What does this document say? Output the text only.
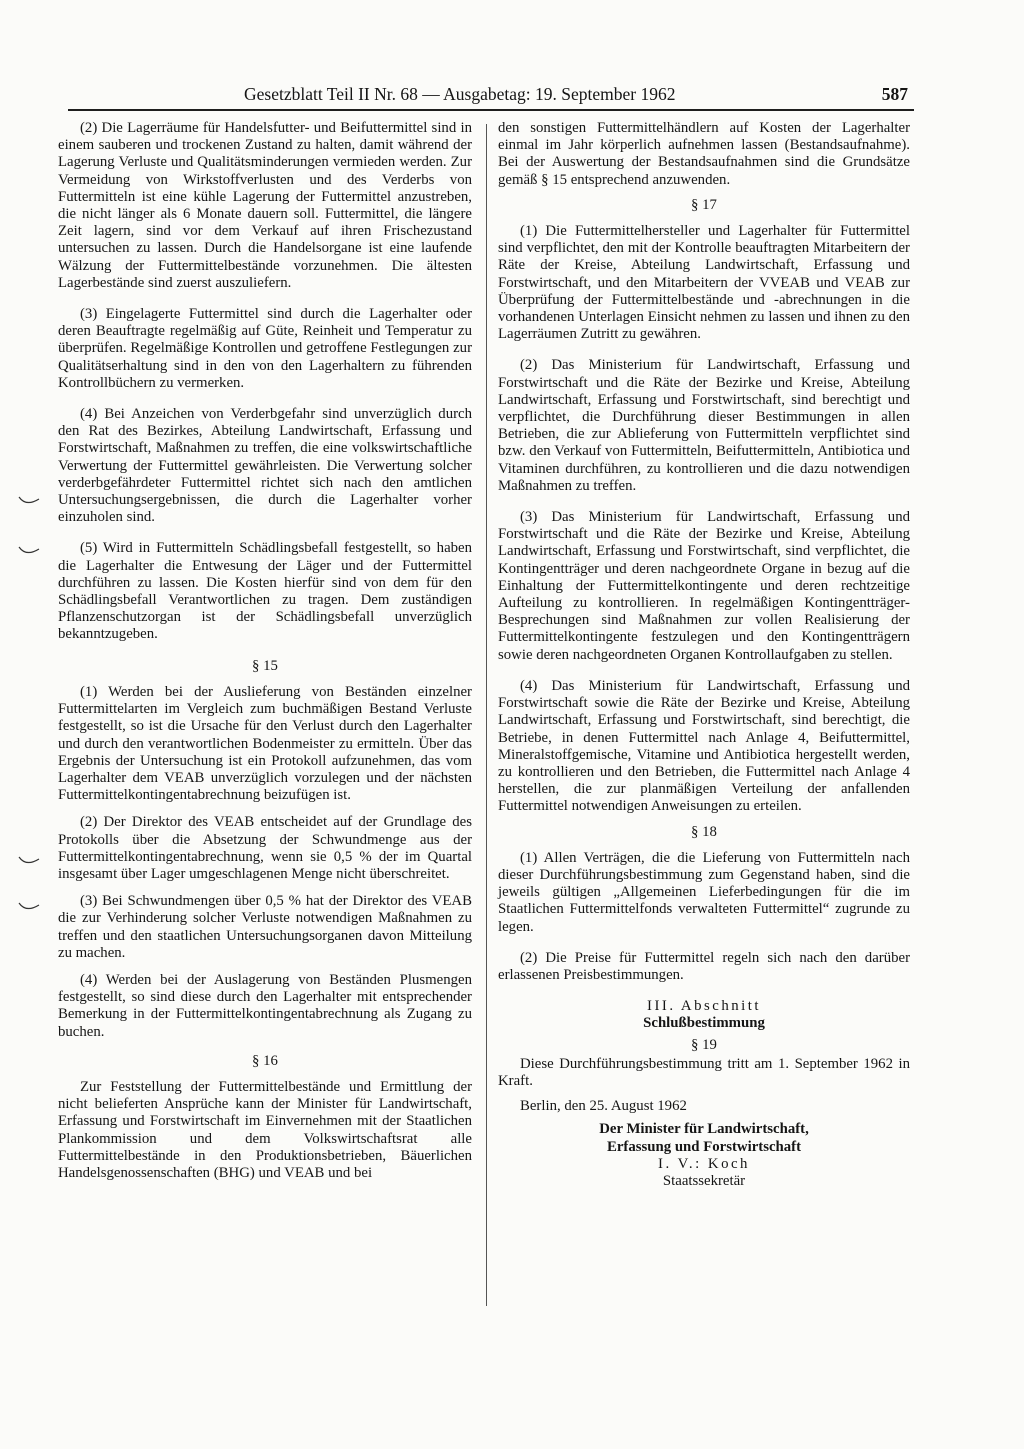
Gesetzblatt Teil II Nr. 68 — Ausgabetag: 19. September 1962	587

(2) Die Lagerräume für Handelsfutter- und Beifuttermittel sind in einem sauberen und trockenen Zustand zu halten, damit während der Lagerung Verluste und Qualitätsminderungen vermieden werden. Zur Vermeidung von Wirkstoffverlusten und des Verderbs von Futtermitteln ist eine kühle Lagerung der Futtermittel anzustreben, die nicht länger als 6 Monate dauern soll. Futtermittel, die längere Zeit lagern, sind vor dem Verkauf auf ihren Frischezustand untersuchen zu lassen. Durch die Handelsorgane ist eine laufende Wälzung der Futtermittelbestände vorzunehmen. Die ältesten Lagerbestände sind zuerst auszuliefern.

(3) Eingelagerte Futtermittel sind durch die Lagerhalter oder deren Beauftragte regelmäßig auf Güte, Reinheit und Temperatur zu überprüfen. Regelmäßige Kontrollen und getroffene Festlegungen zur Qualitätserhaltung sind in den von den Lagerhaltern zu führenden Kontrollbüchern zu vermerken.

(4) Bei Anzeichen von Verderbgefahr sind unverzüglich durch den Rat des Bezirkes, Abteilung Landwirtschaft, Erfassung und Forstwirtschaft, Maßnahmen zu treffen, die eine volkswirtschaftliche Verwertung der Futtermittel gewährleisten. Die Verwertung solcher verderbgefährdeter Futtermittel richtet sich nach den amtlichen Untersuchungsergebnissen, die durch die Lagerhalter vorher einzuholen sind.

(5) Wird in Futtermitteln Schädlingsbefall festgestellt, so haben die Lagerhalter die Entwesung der Läger und der Futtermittel durchführen zu lassen. Die Kosten hierfür sind von dem für den Schädlingsbefall Verantwortlichen zu tragen. Dem zuständigen Pflanzenschutzorgan ist der Schädlingsbefall unverzüglich bekanntzugeben.

§ 15

(1) Werden bei der Auslieferung von Beständen einzelner Futtermittelarten im Vergleich zum buchmäßigen Bestand Verluste festgestellt, so ist die Ursache für den Verlust durch den Lagerhalter und durch den verantwortlichen Bodenmeister zu ermitteln. Über das Ergebnis der Untersuchung ist ein Protokoll aufzunehmen, das vom Lagerhalter dem VEAB unverzüglich vorzulegen und der nächsten Futtermittelkontingentabrechnung beizufügen ist.

(2) Der Direktor des VEAB entscheidet auf der Grundlage des Protokolls über die Absetzung der Schwundmenge aus der Futtermittelkontingentabrechnung, wenn sie 0,5 % der im Quartal insgesamt über Lager umgeschlagenen Menge nicht überschreitet.

(3) Bei Schwundmengen über 0,5 % hat der Direktor des VEAB die zur Verhinderung solcher Verluste notwendigen Maßnahmen zu treffen und den staatlichen Untersuchungsorganen davon Mitteilung zu machen.

(4) Werden bei der Auslagerung von Beständen Plusmengen festgestellt, so sind diese durch den Lagerhalter mit entsprechender Bemerkung in der Futtermittelkontingentabrechnung als Zugang zu buchen.

§ 16

Zur Feststellung der Futtermittelbestände und Ermittlung der nicht belieferten Ansprüche kann der Minister für Landwirtschaft, Erfassung und Forstwirtschaft im Einvernehmen mit der Staatlichen Plankommission und dem Volkswirtschaftsrat alle Futtermittelbestände in den Produktionsbetrieben, Bäuerlichen Handelsgenossenschaften (BHG) und VEAB und bei

den sonstigen Futtermittelhändlern auf Kosten der Lagerhalter einmal im Jahr körperlich aufnehmen lassen (Bestandsaufnahme). Bei der Auswertung der Bestandsaufnahmen sind die Grundsätze gemäß § 15 entsprechend anzuwenden.

§ 17

(1) Die Futtermittelhersteller und Lagerhalter für Futtermittel sind verpflichtet, den mit der Kontrolle beauftragten Mitarbeitern der Räte der Kreise, Abteilung Landwirtschaft, Erfassung und Forstwirtschaft, und den Mitarbeitern der VVEAB und VEAB zur Überprüfung der Futtermittelbestände und -abrechnungen in die vorhandenen Unterlagen Einsicht nehmen zu lassen und ihnen zu den Lagerräumen Zutritt zu gewähren.

(2) Das Ministerium für Landwirtschaft, Erfassung und Forstwirtschaft und die Räte der Bezirke und Kreise, Abteilung Landwirtschaft, Erfassung und Forstwirtschaft, sind berechtigt und verpflichtet, die Durchführung dieser Bestimmungen in allen Betrieben, die zur Ablieferung von Futtermitteln verpflichtet sind bzw. den Verkauf von Futtermitteln, Beifuttermitteln, Antibiotica und Vitaminen durchführen, zu kontrollieren und die dazu notwendigen Maßnahmen zu treffen.

(3) Das Ministerium für Landwirtschaft, Erfassung und Forstwirtschaft und die Räte der Bezirke und Kreise, Abteilung Landwirtschaft, Erfassung und Forstwirtschaft, sind verpflichtet, die Kontingentträger und deren nachgeordnete Organe in bezug auf die Einhaltung der Futtermittelkontingente und deren rechtzeitige Aufteilung zu kontrollieren. In regelmäßigen Kontingentträger-Besprechungen sind Maßnahmen zur vollen Realisierung der Futtermittelkontingente festzulegen und den Kontingentträgern sowie deren nachgeordneten Organen Kontrollaufgaben zu stellen.

(4) Das Ministerium für Landwirtschaft, Erfassung und Forstwirtschaft sowie die Räte der Bezirke und Kreise, Abteilung Landwirtschaft, Erfassung und Forstwirtschaft, sind berechtigt, die Betriebe, in denen Futtermittel nach Anlage 4, Beifuttermittel, Mineralstoffgemische, Vitamine und Antibiotica hergestellt werden, zu kontrollieren und den Betrieben, die Futtermittel nach Anlage 4 herstellen, die zur planmäßigen Verteilung der anfallenden Futtermittel notwendigen Anweisungen zu erteilen.

§ 18

(1) Allen Verträgen, die die Lieferung von Futtermitteln nach dieser Durchführungsbestimmung zum Gegenstand haben, sind die jeweils gültigen „Allgemeinen Lieferbedingungen für die im Staatlichen Futtermittelfonds verwalteten Futtermittel“ zugrunde zu legen.

(2) Die Preise für Futtermittel regeln sich nach den darüber erlassenen Preisbestimmungen.

III. Abschnitt
Schlußbestimmung
§ 19

Diese Durchführungsbestimmung tritt am 1. September 1962 in Kraft.

Berlin, den 25. August 1962

Der Minister für Landwirtschaft,
Erfassung und Forstwirtschaft
I. V.: Koch
Staatssekretär
